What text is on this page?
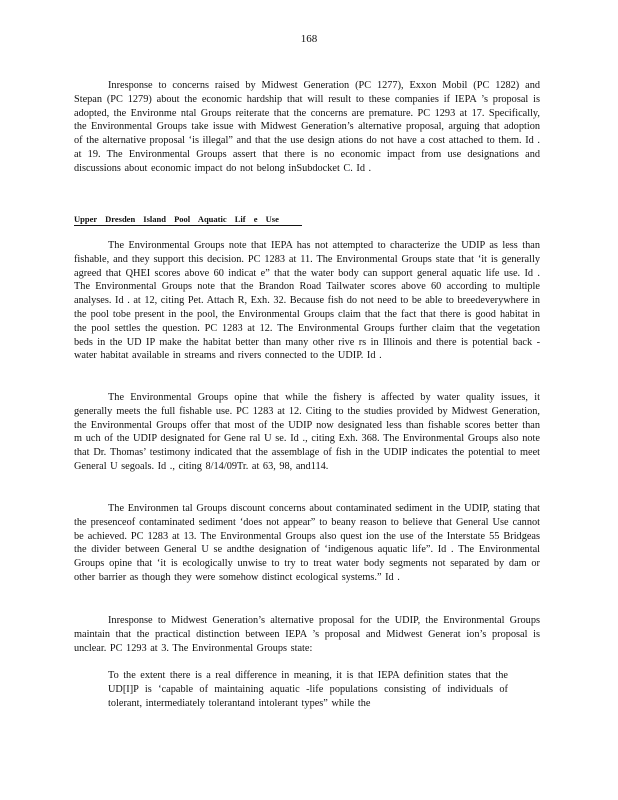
168

Inresponse to concerns raised by Midwest Generation (PC 1277), Exxon Mobil (PC 1282) and Stepan (PC 1279) about the economic hardship that will result to these companies if IEPA ’s proposal is adopted, the Environme ntal Groups reiterate that the concerns are premature. PC 1293 at 17. Specifically, the Environmental Groups take issue with Midwest Generation’s alternative proposal, arguing that adoption of the alternative proposal ‘is illegal” and that the use design ations do not have a cost attached to them. Id . at 19. The Environmental Groups assert that there is no economic impact from use designations and discussions about economic impact do not belong inSubdocket C. Id .

Upper Dresden Island Pool Aquatic Lif e Use

The Environmental Groups note that IEPA has not attempted to characterize the UDIP as less than fishable, and they support this decision. PC 1283 at 11. The Environmental Groups state that ‘it is generally agreed that QHEI scores above 60 indicat e” that the water body can support general aquatic life use. Id . The Environmental Groups note that the Brandon Road Tailwater scores above 60 according to multiple analyses. Id . at 12, citing Pet. Attach R, Exh. 32. Because fish do not need to be able to breedeverywhere in the pool tobe present in the pool, the Environmental Groups claim that the fact that there is good habitat in the pool settles the question. PC 1283 at 12. The Environmental Groups further claim that the vegetation beds in the UD IP make the habitat better than many other rive rs in Illinois and there is potential back - water habitat available in streams and rivers connected to the UDIP. Id .

The Environmental Groups opine that while the fishery is affected by water quality issues, it generally meets the full fishable use. PC 1283 at 12. Citing to the studies provided by Midwest Generation, the Environmental Groups offer that most of the UDIP now designated less than fishable scores better than m uch of the UDIP designated for Gene ral U se. Id ., citing Exh. 368. The Environmental Groups also note that Dr. Thomas’ testimony indicated that the assemblage of fish in the UDIP indicates the potential to meet General U segoals. Id ., citing 8/14/09Tr. at 63, 98, and114.

The Environmen tal Groups discount concerns about contaminated sediment in the UDIP, stating that the presenceof contaminated sediment ‘does not appear” to beany reason to believe that General Use cannot be achieved. PC 1283 at 13. The Environmental Groups also quest ion the use of the Interstate 55 Bridgeas the divider between General U se andthe designation of ‘indigenous aquatic life”. Id . The Environmental Groups opine that ‘it is ecologically unwise to try to treat water body segments not separated by dam or other barrier as though they were somehow distinct ecological systems.” Id .

Inresponse to Midwest Generation’s alternative proposal for the UDIP, the Environmental Groups maintain that the practical distinction between IEPA ’s proposal and Midwest Generat ion’s proposal is unclear. PC 1293 at 3. The Environmental Groups state:

To the extent there is a real difference in meaning, it is that IEPA definition states that the UD[I]P is ‘capable of maintaining aquatic -life populations consisting of individuals of tolerant, intermediately tolerantand intolerant types” while the
